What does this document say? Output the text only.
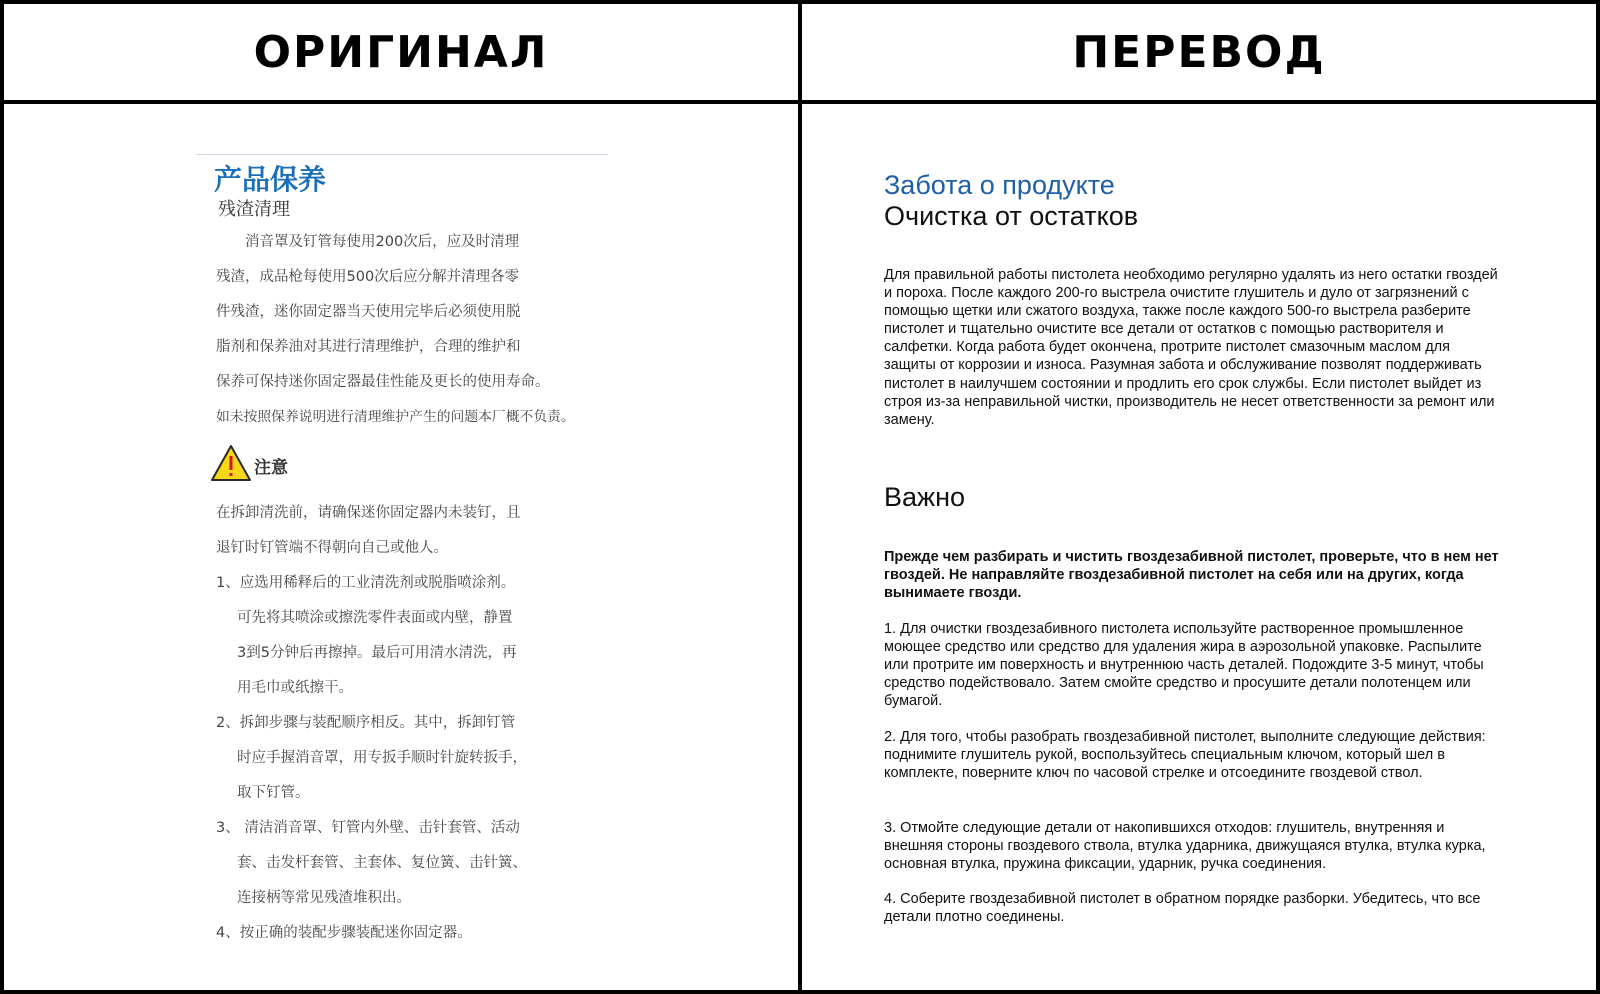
ОРИГИНАЛ	ПЕРЕВОД
产品保养
残渣清理
消音罩及钉管每使用200次后，应及时清理
残渣，成品枪每使用500次后应分解并清理各零
件残渣，迷你固定器当天使用完毕后必须使用脱
脂剂和保养油对其进行清理维护，合理的维护和
保养可保持迷你固定器最佳性能及更长的使用寿命。
如未按照保养说明进行清理维护产生的问题本厂概不负责。
注意
在拆卸清洗前，请确保迷你固定器内未装钉，且
退钉时钉管端不得朝向自己或他人。
1、应选用稀释后的工业清洗剂或脱脂喷涂剂。
可先将其喷涂或擦洗零件表面或内壁，静置
3到5分钟后再擦掉。最后可用清水清洗，再
用毛巾或纸擦干。
2、拆卸步骤与装配顺序相反。其中，拆卸钉管
时应手握消音罩，用专扳手顺时针旋转扳手，
取下钉管。
3、 清洁消音罩、钉管内外壁、击针套管、活动
套、击发杆套管、主套体、复位簧、击针簧、
连接柄等常见残渣堆积出。
4、按正确的装配步骤装配迷你固定器。
Забота о продукте
Очистка от остатков

Для правильной работы пистолета необходимо регулярно удалять из него остатки гвоздей и пороха. После каждого 200-го выстрела очистите глушитель и дуло от загрязнений с помощью щетки или сжатого воздуха, также после каждого 500-го выстрела разберите пистолет и тщательно очистите все детали от остатков с помощью растворителя и салфетки. Когда работа будет окончена, протрите пистолет смазочным маслом для защиты от коррозии и износа. Разумная забота и обслуживание позволят поддерживать пистолет в наилучшем состоянии и продлить его срок службы. Если пистолет выйдет из строя из-за неправильной чистки, производитель не несет ответственности за ремонт или замену.

Важно

Прежде чем разбирать и чистить гвоздезабивной пистолет, проверьте, что в нем нет гвоздей. Не направляйте гвоздезабивной пистолет на себя или на других, когда вынимаете гвозди.

1. Для очистки гвоздезабивного пистолета используйте растворенное промышленное моющее средство или средство для удаления жира в аэрозольной упаковке. Распылите или протрите им поверхность и внутреннюю часть деталей. Подождите 3-5 минут, чтобы средство подействовало. Затем смойте средство и просушите детали полотенцем или бумагой.

2. Для того, чтобы разобрать гвоздезабивной пистолет, выполните следующие действия: поднимите глушитель рукой, воспользуйтесь специальным ключом, который шел в комплекте, поверните ключ по часовой стрелке и отсоедините гвоздевой ствол.

3. Отмойте следующие детали от накопившихся отходов: глушитель, внутренняя и внешняя стороны гвоздевого ствола, втулка ударника, движущаяся втулка, втулка курка, основная втулка, пружина фиксации, ударник, ручка соединения.

4. Соберите гвоздезабивной пистолет в обратном порядке разборки. Убедитесь, что все детали плотно соединены.
